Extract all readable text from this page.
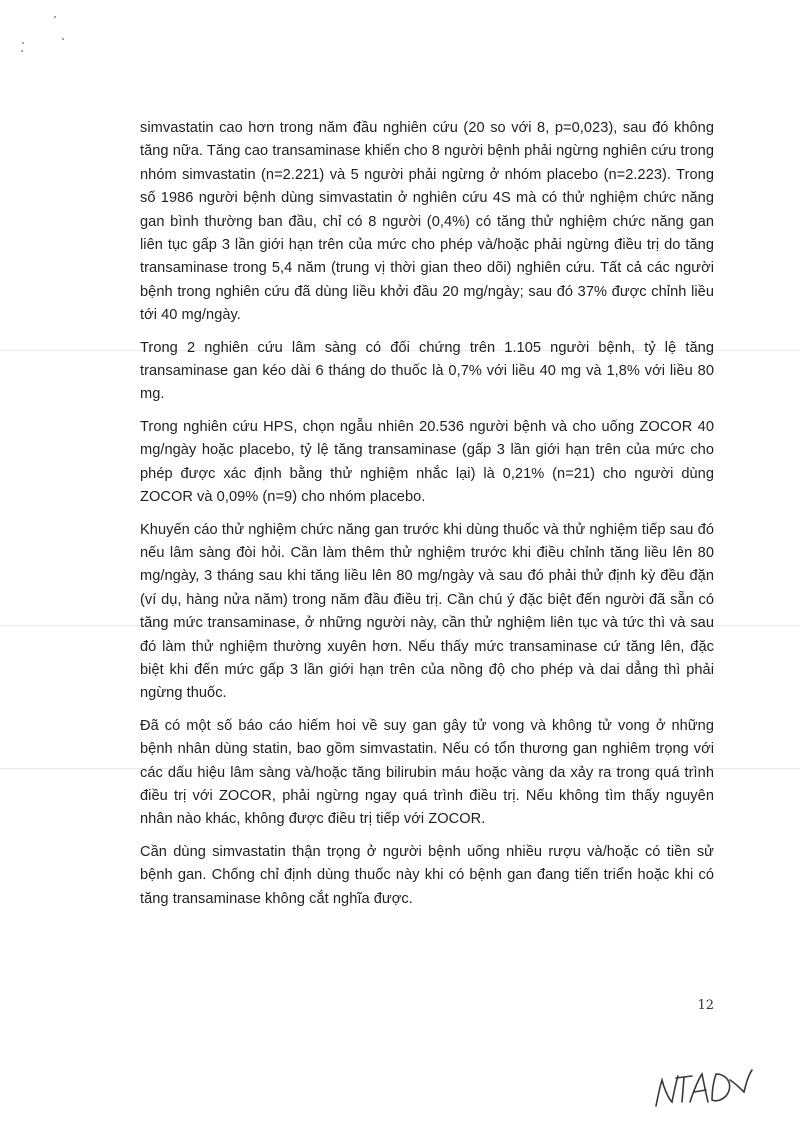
simvastatin cao hơn trong năm đầu nghiên cứu (20 so với 8, p=0,023), sau đó không tăng nữa. Tăng cao transaminase khiến cho 8 người bệnh phải ngừng nghiên cứu trong nhóm simvastatin (n=2.221) và 5 người phải ngừng ở nhóm placebo (n=2.223). Trong số 1986 người bệnh dùng simvastatin ở nghiên cứu 4S mà có thử nghiệm chức năng gan bình thường ban đầu, chỉ có 8 người (0,4%) có tăng thử nghiệm chức năng gan liên tục gấp 3 lần giới hạn trên của mức cho phép và/hoặc phải ngừng điều trị do tăng transaminase trong 5,4 năm (trung vị thời gian theo dõi) nghiên cứu. Tất cả các người bệnh trong nghiên cứu đã dùng liều khởi đầu 20 mg/ngày; sau đó 37% được chỉnh liều tới 40 mg/ngày.

Trong 2 nghiên cứu lâm sàng có đối chứng trên 1.105 người bệnh, tỷ lệ tăng transaminase gan kéo dài 6 tháng do thuốc là 0,7% với liều 40 mg và 1,8% với liều 80 mg.

Trong nghiên cứu HPS, chọn ngẫu nhiên 20.536 người bệnh và cho uống ZOCOR 40 mg/ngày hoặc placebo, tỷ lệ tăng transaminase (gấp 3 lần giới hạn trên của mức cho phép được xác định bằng thử nghiệm nhắc lại) là 0,21% (n=21) cho người dùng ZOCOR và 0,09% (n=9) cho nhóm placebo.

Khuyến cáo thử nghiệm chức năng gan trước khi dùng thuốc và thử nghiệm tiếp sau đó nếu lâm sàng đòi hỏi. Cần làm thêm thử nghiệm trước khi điều chỉnh tăng liều lên 80 mg/ngày, 3 tháng sau khi tăng liều lên 80 mg/ngày và sau đó phải thử định kỳ đều đặn (ví dụ, hàng nửa năm) trong năm đầu điều trị. Cần chú ý đặc biệt đến người đã sẵn có tăng mức transaminase, ở những người này, cần thử nghiệm liên tục và tức thì và sau đó làm thử nghiệm thường xuyên hơn. Nếu thấy mức transaminase cứ tăng lên, đặc biệt khi đến mức gấp 3 lần giới hạn trên của nồng độ cho phép và dai dẳng thì phải ngừng thuốc.

Đã có một số báo cáo hiếm hoi về suy gan gây tử vong và không tử vong ở những bệnh nhân dùng statin, bao gồm simvastatin. Nếu có tổn thương gan nghiêm trọng với các dấu hiệu lâm sàng và/hoặc tăng bilirubin máu hoặc vàng da xảy ra trong quá trình điều trị với ZOCOR, phải ngừng ngay quá trình điều trị. Nếu không tìm thấy nguyên nhân nào khác, không được điều trị tiếp với ZOCOR.

Cần dùng simvastatin thận trọng ở người bệnh uống nhiều rượu và/hoặc có tiền sử bệnh gan. Chống chỉ định dùng thuốc này khi có bệnh gan đang tiến triển hoặc khi có tăng transaminase không cắt nghĩa được.

12
